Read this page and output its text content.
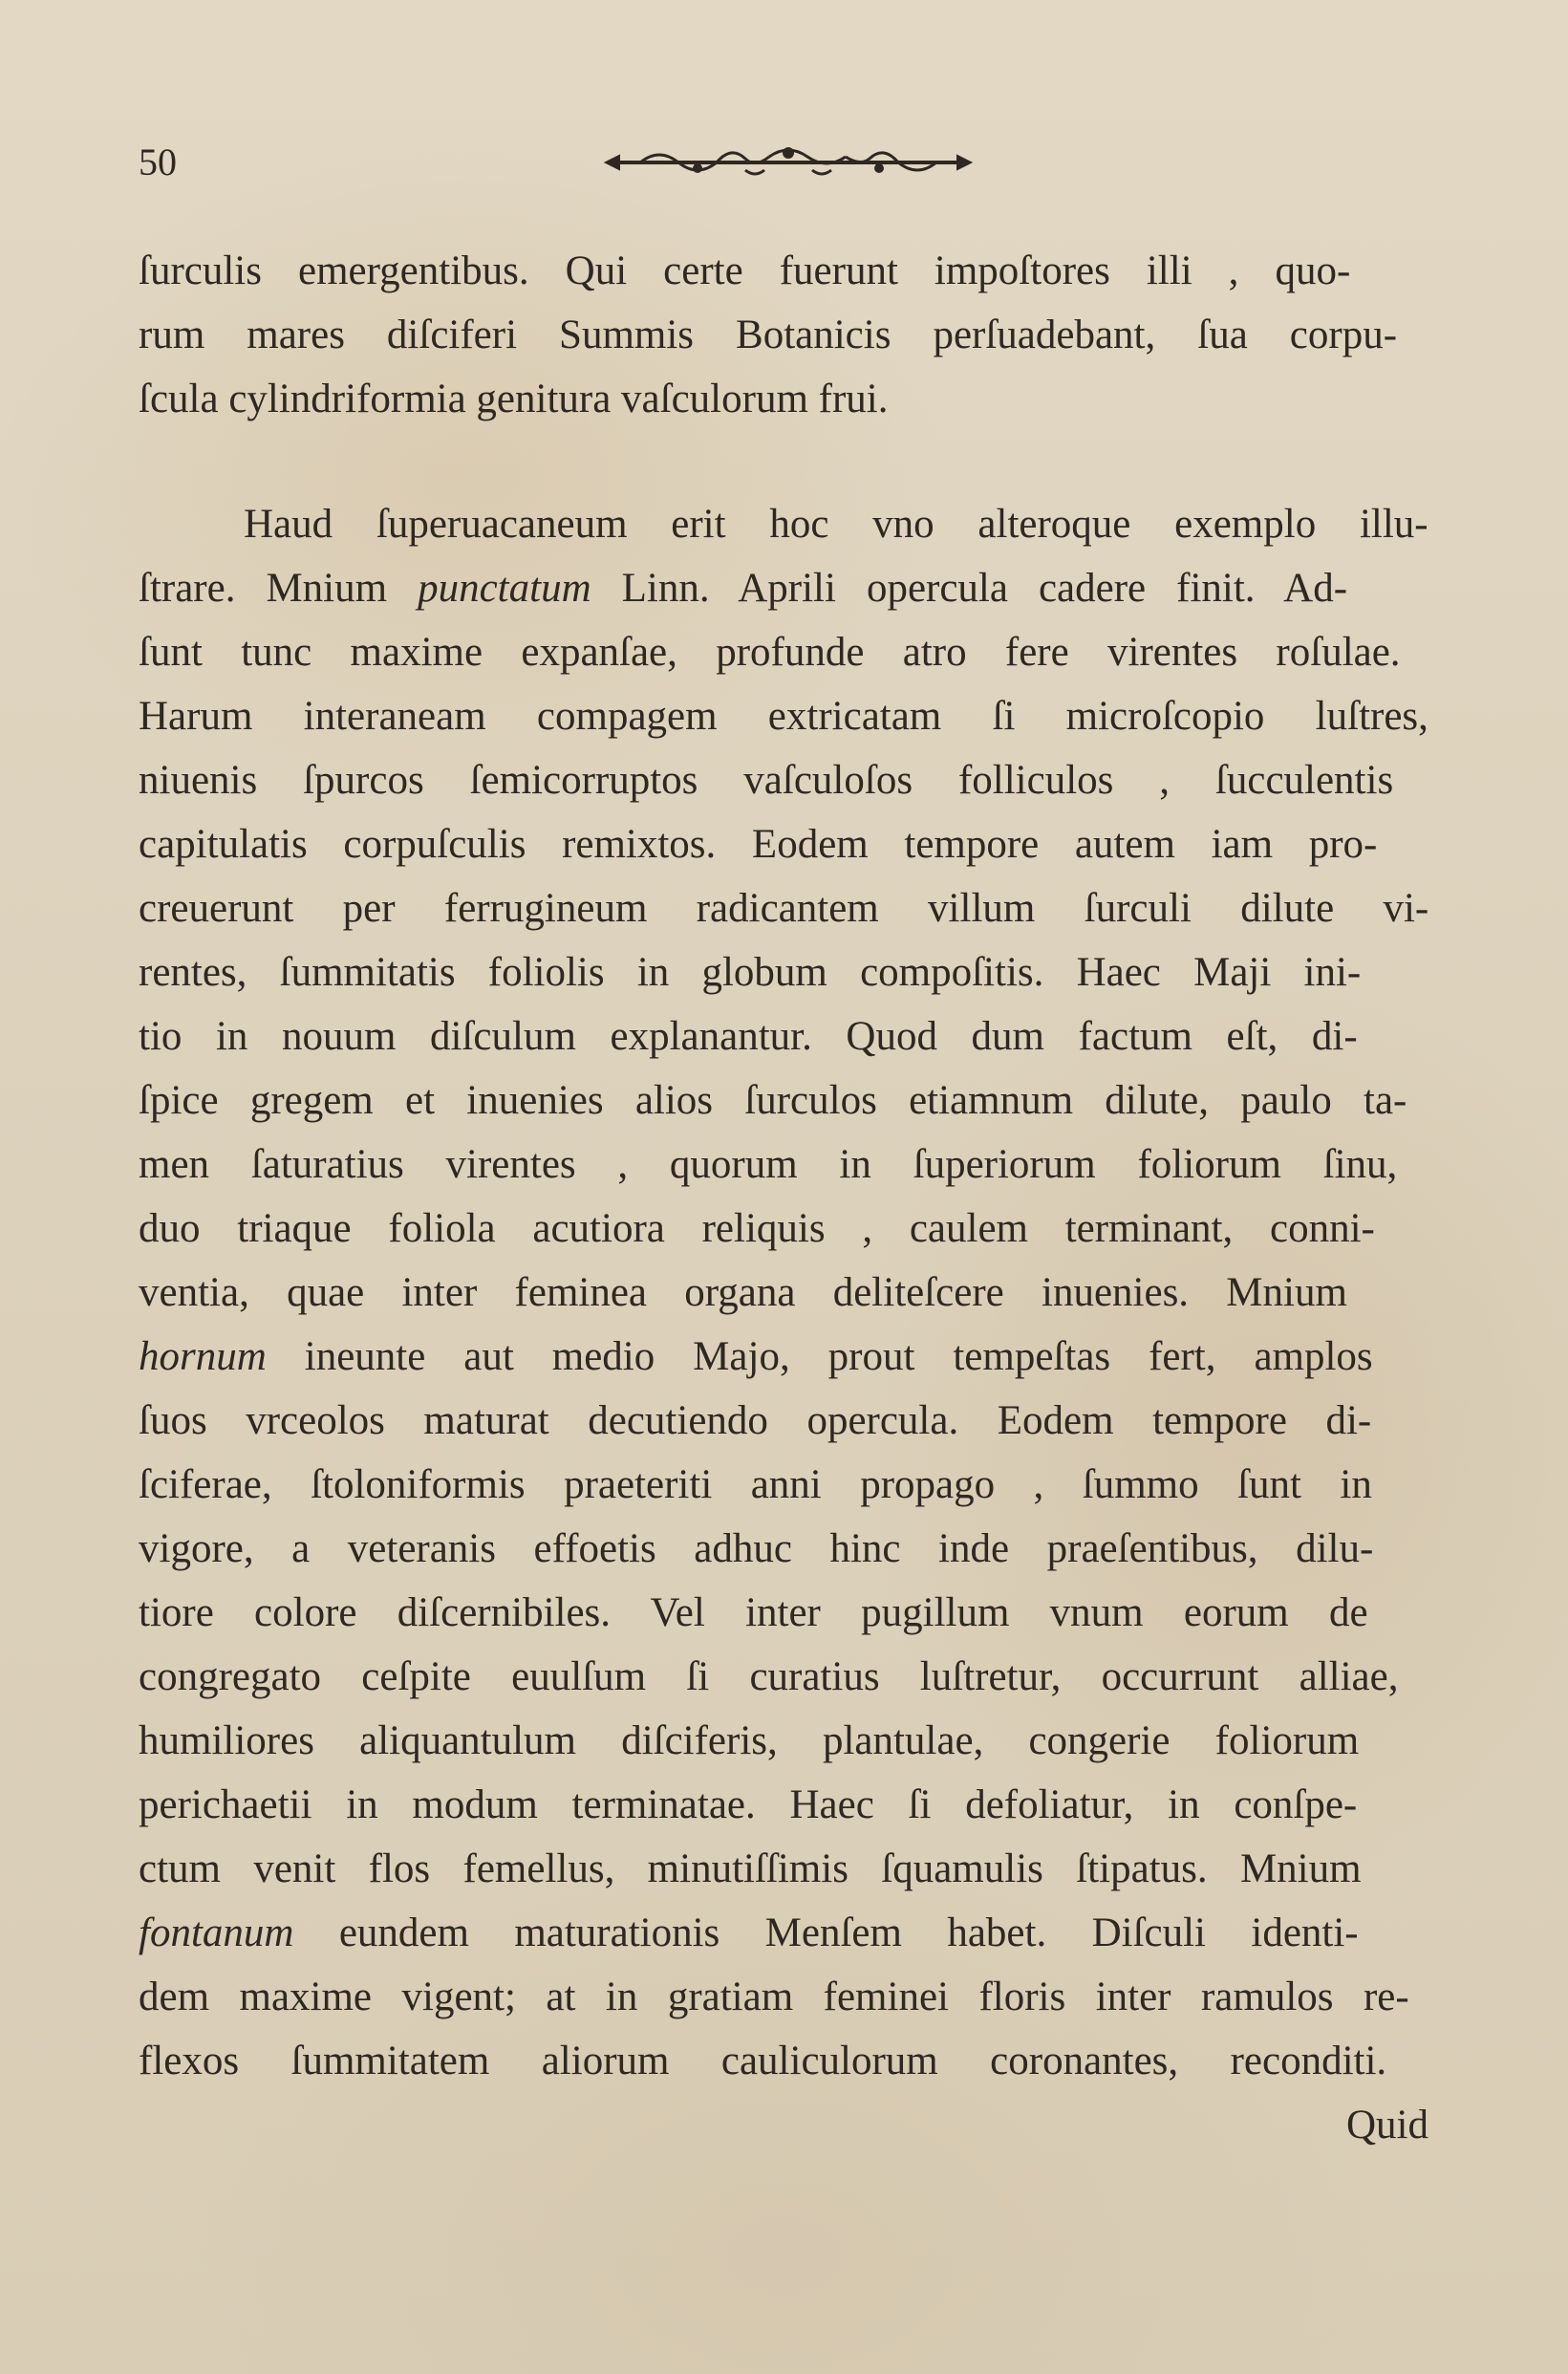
50
ſurculis emergentibus. Qui certe fuerunt impoſtores illi , quo-
rum mares diſciferi Summis Botanicis perſuadebant, ſua corpu-
ſcula cylindriformia genitura vaſculorum frui.
Haud ſuperuacaneum erit hoc vno alteroque exemplo illu-
ſtrare. Mnium punctatum Linn. Aprili opercula cadere finit. Ad-
ſunt tunc maxime expanſae, profunde atro fere virentes roſulae.
Harum interaneam compagem extricatam ſi microſcopio luſtres,
niuenis ſpurcos ſemicorruptos vaſculoſos folliculos , ſucculentis
capitulatis corpuſculis remixtos. Eodem tempore autem iam pro-
creuerunt per ferrugineum radicantem villum ſurculi dilute vi-
rentes, ſummitatis foliolis in globum compoſitis. Haec Maji ini-
tio in nouum diſculum explanantur. Quod dum factum eſt, di-
ſpice gregem et inuenies alios ſurculos etiamnum dilute, paulo ta-
men ſaturatius virentes , quorum in ſuperiorum foliorum ſinu,
duo triaque foliola acutiora reliquis , caulem terminant, conni-
ventia, quae inter feminea organa deliteſcere inuenies. Mnium
hornum ineunte aut medio Majo, prout tempeſtas fert, amplos
ſuos vrceolos maturat decutiendo opercula. Eodem tempore di-
ſciferae, ſtoloniformis praeteriti anni propago , ſummo ſunt in
vigore, a veteranis effoetis adhuc hinc inde praeſentibus, dilu-
tiore colore diſcernibiles. Vel inter pugillum vnum eorum de
congregato ceſpite euulſum ſi curatius luſtretur, occurrunt alliae,
humiliores aliquantulum diſciferis, plantulae, congerie foliorum
perichaetii in modum terminatae. Haec ſi defoliatur, in conſpe-
ctum venit flos femellus, minutiſſimis ſquamulis ſtipatus. Mnium
fontanum eundem maturationis Menſem habet. Diſculi identi-
dem maxime vigent; at in gratiam feminei floris inter ramulos re-
flexos ſummitatem aliorum cauliculorum coronantes, reconditi.
Quid
